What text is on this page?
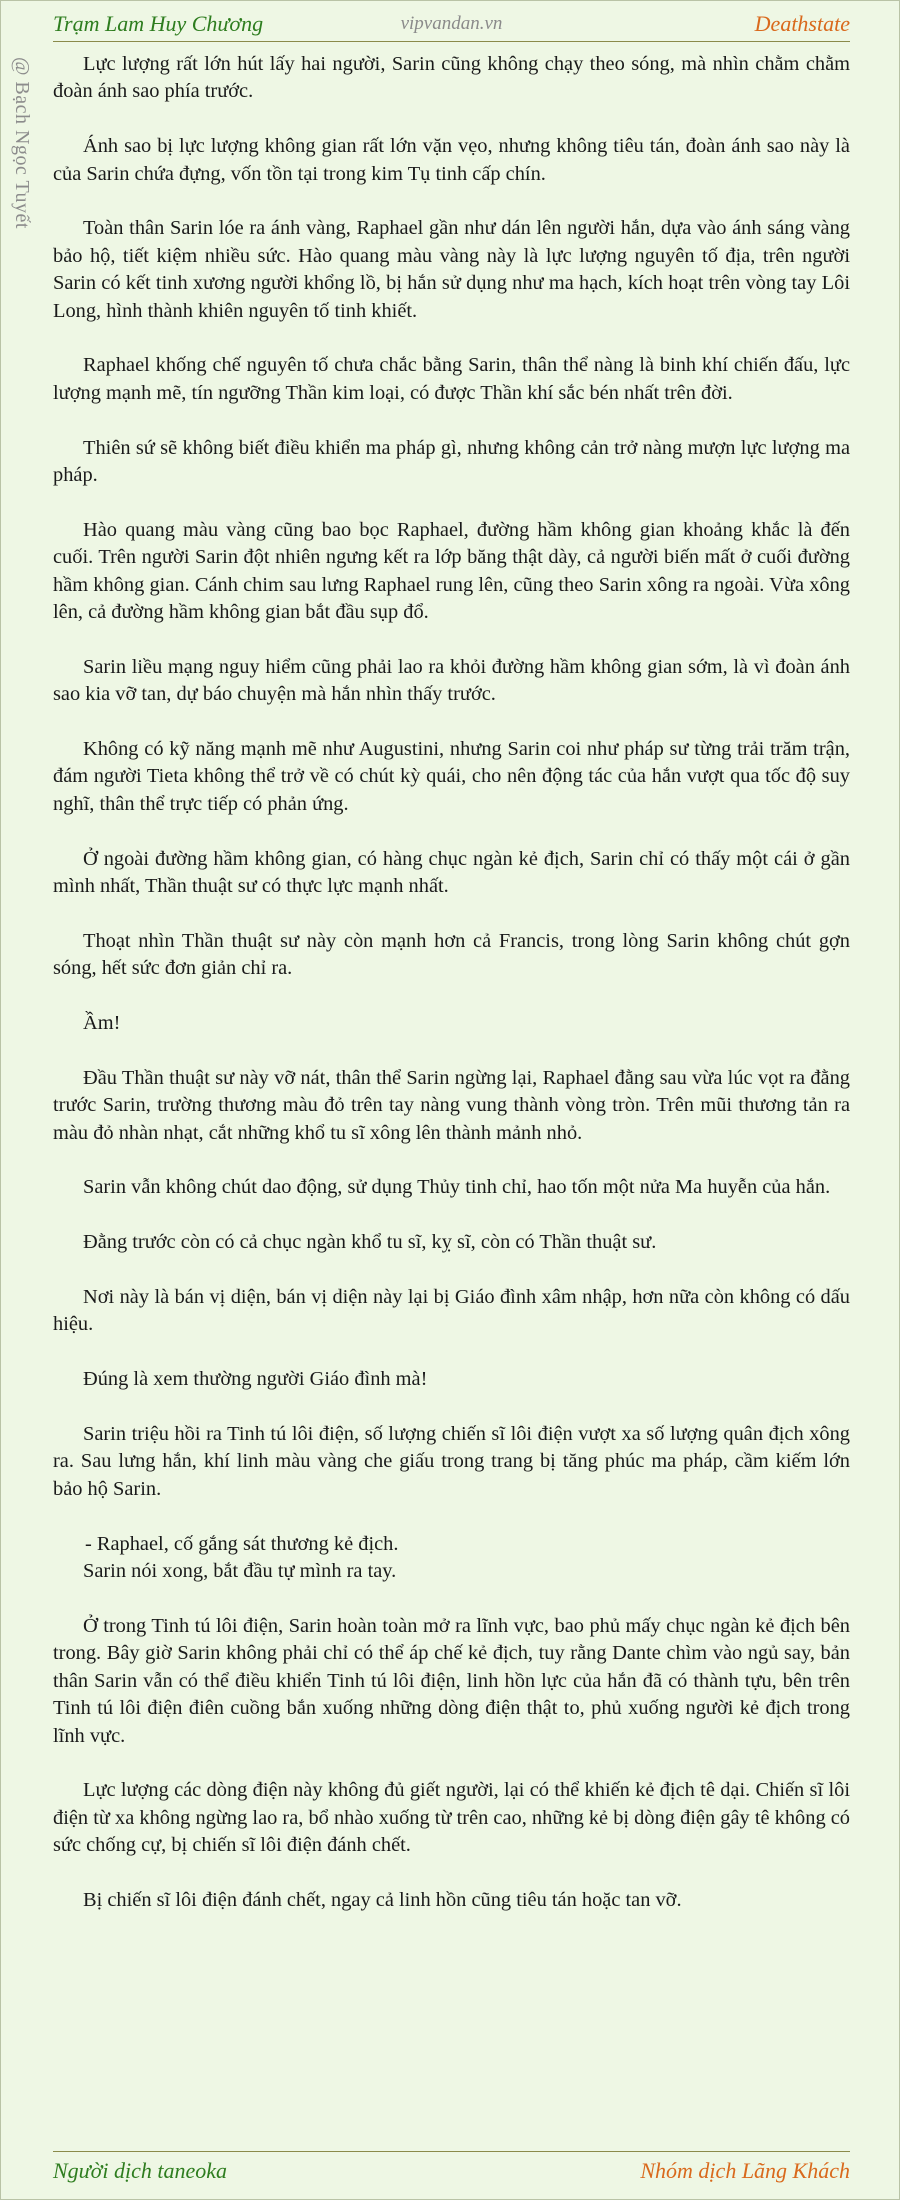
Trạm Lam Huy Chương	vipvandan.vn	Deathstate
@ Bạch Ngọc Tuyết	Lực lượng rất lớn hút lấy hai người, Sarin cũng không chạy theo sóng, mà nhìn chằm chằm đoàn ánh sao phía trước.

Ánh sao bị lực lượng không gian rất lớn vặn vẹo, nhưng không tiêu tán, đoàn ánh sao này là của Sarin chứa đựng, vốn tồn tại trong kim Tụ tinh cấp chín.

Toàn thân Sarin lóe ra ánh vàng, Raphael gần như dán lên người hắn, dựa vào ánh sáng vàng bảo hộ, tiết kiệm nhiều sức. Hào quang màu vàng này là lực lượng nguyên tố địa, trên người Sarin có kết tinh xương người khổng lồ, bị hắn sử dụng như ma hạch, kích hoạt trên vòng tay Lôi Long, hình thành khiên nguyên tố tinh khiết.

Raphael khống chế nguyên tố chưa chắc bằng Sarin, thân thể nàng là binh khí chiến đấu, lực lượng mạnh mẽ, tín ngưỡng Thần kim loại, có được Thần khí sắc bén nhất trên đời.

Thiên sứ sẽ không biết điều khiển ma pháp gì, nhưng không cản trở nàng mượn lực lượng ma pháp.

Hào quang màu vàng cũng bao bọc Raphael, đường hầm không gian khoảng khắc là đến cuối. Trên người Sarin đột nhiên ngưng kết ra lớp băng thật dày, cả người biến mất ở cuối đường hầm không gian. Cánh chim sau lưng Raphael rung lên, cũng theo Sarin xông ra ngoài. Vừa xông lên, cả đường hầm không gian bắt đầu sụp đổ.

Sarin liều mạng nguy hiểm cũng phải lao ra khỏi đường hầm không gian sớm, là vì đoàn ánh sao kia vỡ tan, dự báo chuyện mà hắn nhìn thấy trước.

Không có kỹ năng mạnh mẽ như Augustini, nhưng Sarin coi như pháp sư từng trải trăm trận, đám người Tieta không thể trở về có chút kỳ quái, cho nên động tác của hắn vượt qua tốc độ suy nghĩ, thân thể trực tiếp có phản ứng.

Ở ngoài đường hầm không gian, có hàng chục ngàn kẻ địch, Sarin chỉ có thấy một cái ở gần mình nhất, Thần thuật sư có thực lực mạnh nhất.

Thoạt nhìn Thần thuật sư này còn mạnh hơn cả Francis, trong lòng Sarin không chút gợn sóng, hết sức đơn giản chỉ ra.

Ầm!

Đầu Thần thuật sư này vỡ nát, thân thể Sarin ngừng lại, Raphael đằng sau vừa lúc vọt ra đằng trước Sarin, trường thương màu đỏ trên tay nàng vung thành vòng tròn. Trên mũi thương tản ra màu đỏ nhàn nhạt, cắt những khổ tu sĩ xông lên thành mảnh nhỏ.

Sarin vẫn không chút dao động, sử dụng Thủy tinh chỉ, hao tốn một nửa Ma huyễn của hắn.

Đằng trước còn có cả chục ngàn khổ tu sĩ, kỵ sĩ, còn có Thần thuật sư.

Nơi này là bán vị diện, bán vị diện này lại bị Giáo đình xâm nhập, hơn nữa còn không có dấu hiệu.

Đúng là xem thường người Giáo đình mà!

Sarin triệu hồi ra Tinh tú lôi điện, số lượng chiến sĩ lôi điện vượt xa số lượng quân địch xông ra. Sau lưng hắn, khí linh màu vàng che giấu trong trang bị tăng phúc ma pháp, cầm kiếm lớn bảo hộ Sarin.

- Raphael, cố gắng sát thương kẻ địch.

Sarin nói xong, bắt đầu tự mình ra tay.

Ở trong Tinh tú lôi điện, Sarin hoàn toàn mở ra lĩnh vực, bao phủ mấy chục ngàn kẻ địch bên trong. Bây giờ Sarin không phải chỉ có thể áp chế kẻ địch, tuy rằng Dante chìm vào ngủ say, bản thân Sarin vẫn có thể điều khiển Tinh tú lôi điện, linh hồn lực của hắn đã có thành tựu, bên trên Tinh tú lôi điện điên cuồng bắn xuống những dòng điện thật to, phủ xuống người kẻ địch trong lĩnh vực.

Lực lượng các dòng điện này không đủ giết người, lại có thể khiến kẻ địch tê dại. Chiến sĩ lôi điện từ xa không ngừng lao ra, bổ nhào xuống từ trên cao, những kẻ bị dòng điện gây tê không có sức chống cự, bị chiến sĩ lôi điện đánh chết.

Bị chiến sĩ lôi điện đánh chết, ngay cả linh hồn cũng tiêu tán hoặc tan vỡ.

Người dịch taneoka	Nhóm dịch Lãng Khách
